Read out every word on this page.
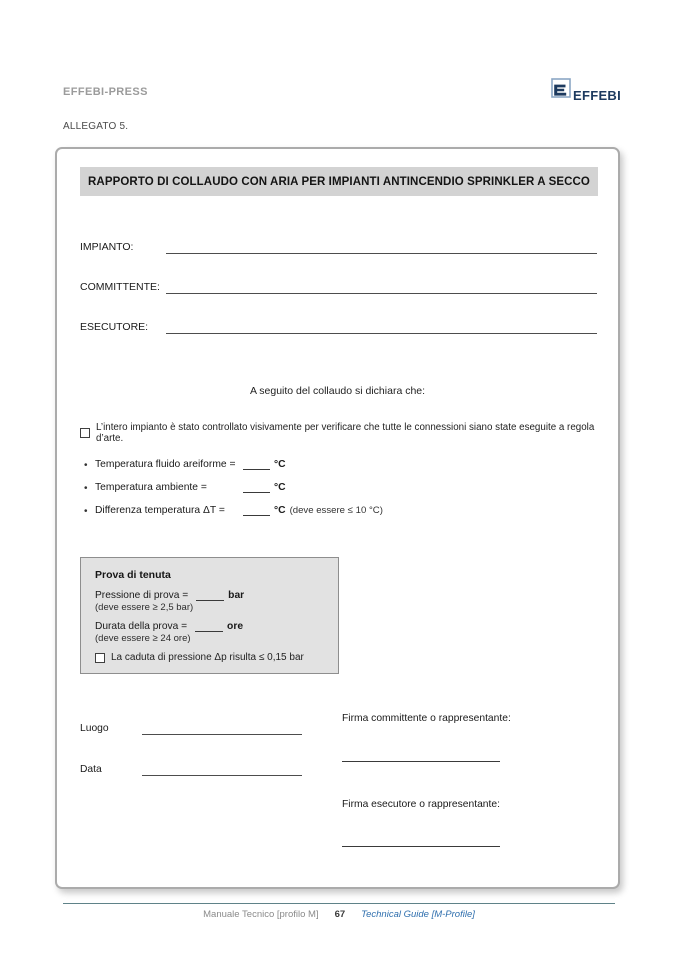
EFFEBI-PRESS	EFFEBI
ALLEGATO 5.
RAPPORTO DI COLLAUDO CON ARIA PER IMPIANTI ANTINCENDIO SPRINKLER A SECCO
IMPIANTO:
COMMITTENTE:
ESECUTORE:
A seguito del collaudo si dichiara che:
L’intero impianto è stato controllato visivamente per verificare che tutte le connessioni siano state eseguite a regola d’arte.
• Temperatura fluido areiforme =	°C
• Temperatura ambiente =	°C
• Differenza temperatura ΔT =	°C (deve essere ≤ 10 °C)
Prova di tenuta
Pressione di prova =	bar
(deve essere ≥ 2,5 bar)
Durata della prova =	ore
(deve essere ≥ 24 ore)
La caduta di pressione Δp risulta ≤ 0,15 bar
Luogo
Data
Firma committente o rappresentante:
Firma esecutore o rappresentante:
Manuale Tecnico [profilo M] 67 Technical Guide [M-Profile]
